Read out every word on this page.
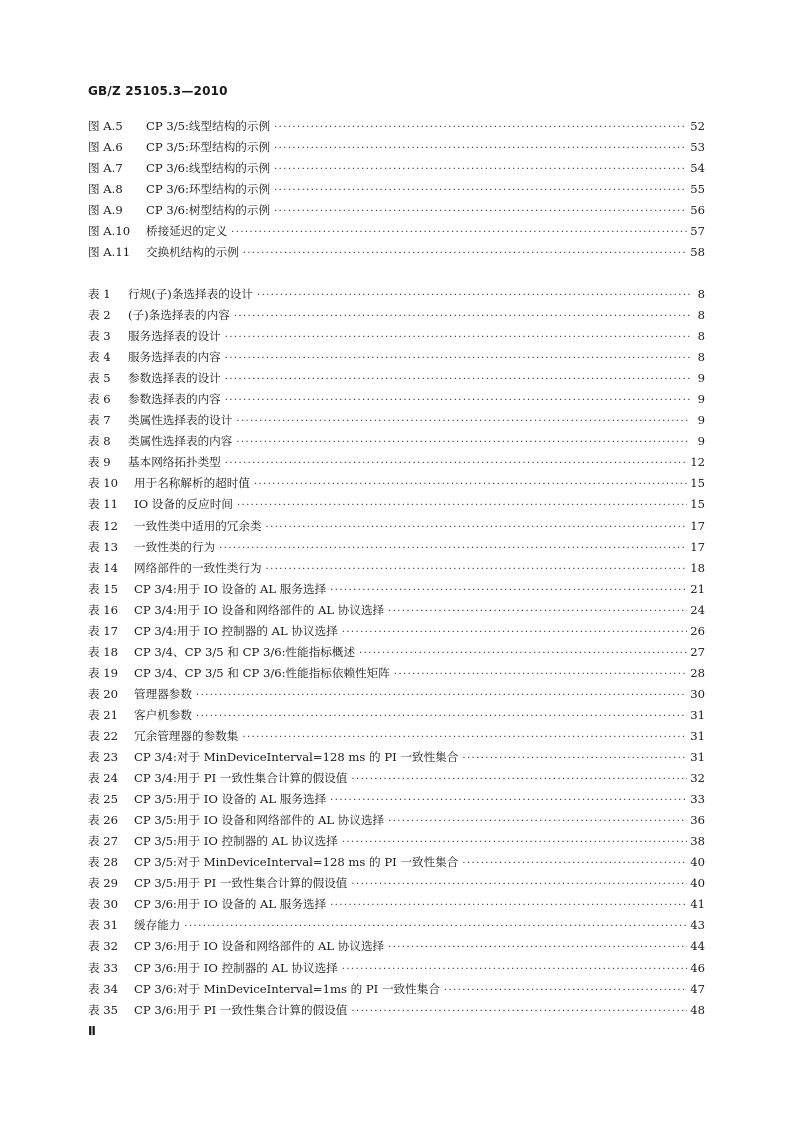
GB/Z 25105.3—2010
图 A.5	CP 3/5:线型结构的示例 ·····	52
图 A.6	CP 3/5:环型结构的示例 ·····	53
图 A.7	CP 3/6:线型结构的示例 ·····	54
图 A.8	CP 3/6:环型结构的示例 ·····	55
图 A.9	CP 3/6:树型结构的示例 ·····	56
图 A.10	桥接延迟的定义 ·····	57
图 A.11	交换机结构的示例 ·····	58
表 1	行规(子)条选择表的设计 ·····	8
表 2	(子)条选择表的内容 ·····	8
表 3	服务选择表的设计 ·····	8
表 4	服务选择表的内容 ·····	8
表 5	参数选择表的设计 ·····	9
表 6	参数选择表的内容 ·····	9
表 7	类属性选择表的设计 ·····	9
表 8	类属性选择表的内容 ·····	9
表 9	基本网络拓扑类型 ·····	12
表 10	用于名称解析的超时值 ·····	15
表 11	IO 设备的反应时间 ·····	15
表 12	一致性类中适用的冗余类 ·····	17
表 13	一致性类的行为 ·····	17
表 14	网络部件的一致性类行为 ·····	18
表 15	CP 3/4:用于 IO 设备的 AL 服务选择 ·····	21
表 16	CP 3/4:用于 IO 设备和网络部件的 AL 协议选择 ·····	24
表 17	CP 3/4:用于 IO 控制器的 AL 协议选择 ·····	26
表 18	CP 3/4、CP 3/5 和 CP 3/6:性能指标概述 ·····	27
表 19	CP 3/4、CP 3/5 和 CP 3/6:性能指标依赖性矩阵 ·····	28
表 20	管理器参数 ·····	30
表 21	客户机参数 ·····	31
表 22	冗余管理器的参数集 ·····	31
表 23	CP 3/4:对于 MinDeviceInterval=128 ms 的 PI 一致性集合 ·····	31
表 24	CP 3/4:用于 PI 一致性集合计算的假设值 ·····	32
表 25	CP 3/5:用于 IO 设备的 AL 服务选择 ·····	33
表 26	CP 3/5:用于 IO 设备和网络部件的 AL 协议选择 ·····	36
表 27	CP 3/5:用于 IO 控制器的 AL 协议选择 ·····	38
表 28	CP 3/5:对于 MinDeviceInterval=128 ms 的 PI 一致性集合 ·····	40
表 29	CP 3/5:用于 PI 一致性集合计算的假设值 ·····	40
表 30	CP 3/6:用于 IO 设备的 AL 服务选择 ·····	41
表 31	缓存能力 ·····	43
表 32	CP 3/6:用于 IO 设备和网络部件的 AL 协议选择 ·····	44
表 33	CP 3/6:用于 IO 控制器的 AL 协议选择 ·····	46
表 34	CP 3/6:对于 MinDeviceInterval=1ms 的 PI 一致性集合 ·····	47
表 35	CP 3/6:用于 PI 一致性集合计算的假设值 ·····	48
Ⅱ
